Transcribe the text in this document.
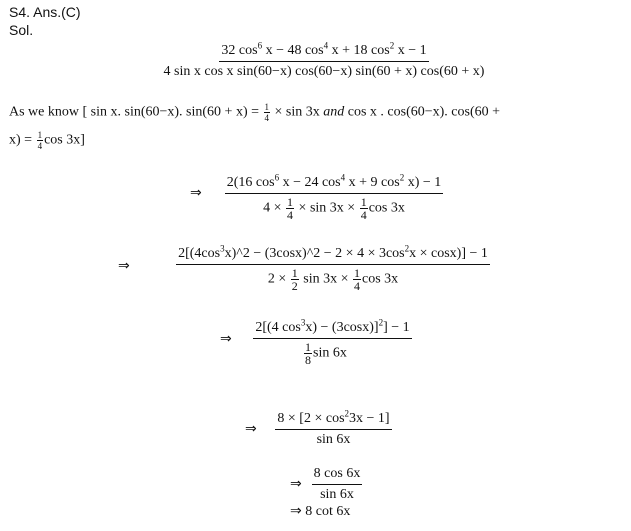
S4. Ans.(C)
Sol.
$\frac{32 \cos^6 x - 48 \cos^4 x + 18 \cos^2 x - 1}{\text{4 sin x cos x sin(60−x) cos(60−x) sin(60 + x) cos(60 + x)}}$
As we know [ sin x. sin(60−x). $\sin(60 + x) = \frac{1}{4} \times \sin 3x$ and cos x . cos(60−x). cos(60 +
$x) = \frac{1}{4}$ cos 3x]
⇒ $\frac{2(16 \cos^6 x - 24 \cos^4 x + 9 \cos^2 x) - 1}{4 \times \frac{1}{4} \times \sin 3x \times \frac{1}{4} \cos 3x}$
⇒ $\frac{2[(4\cos^3x)\^{}2 - (3\cos x)\^{}2 - 2 \times 4 \times 3\cos^2x \times \cos x)] - 1}{2 \times \frac{1}{2} \sin 3x \times \frac{1}{4} \cos 3x}$
⇒ $\frac{2[(4 \cos^3x) - (3\cos x)]^2] - 1}{\frac{1}{8} \sin 6x}$
⇒ $\frac{8 \times [2 \times \cos^23x - 1]}{\sin 6x}$
⇒ $\frac{8 \cos 6x}{\sin 6x}$
⇒ 8 cot 6x
